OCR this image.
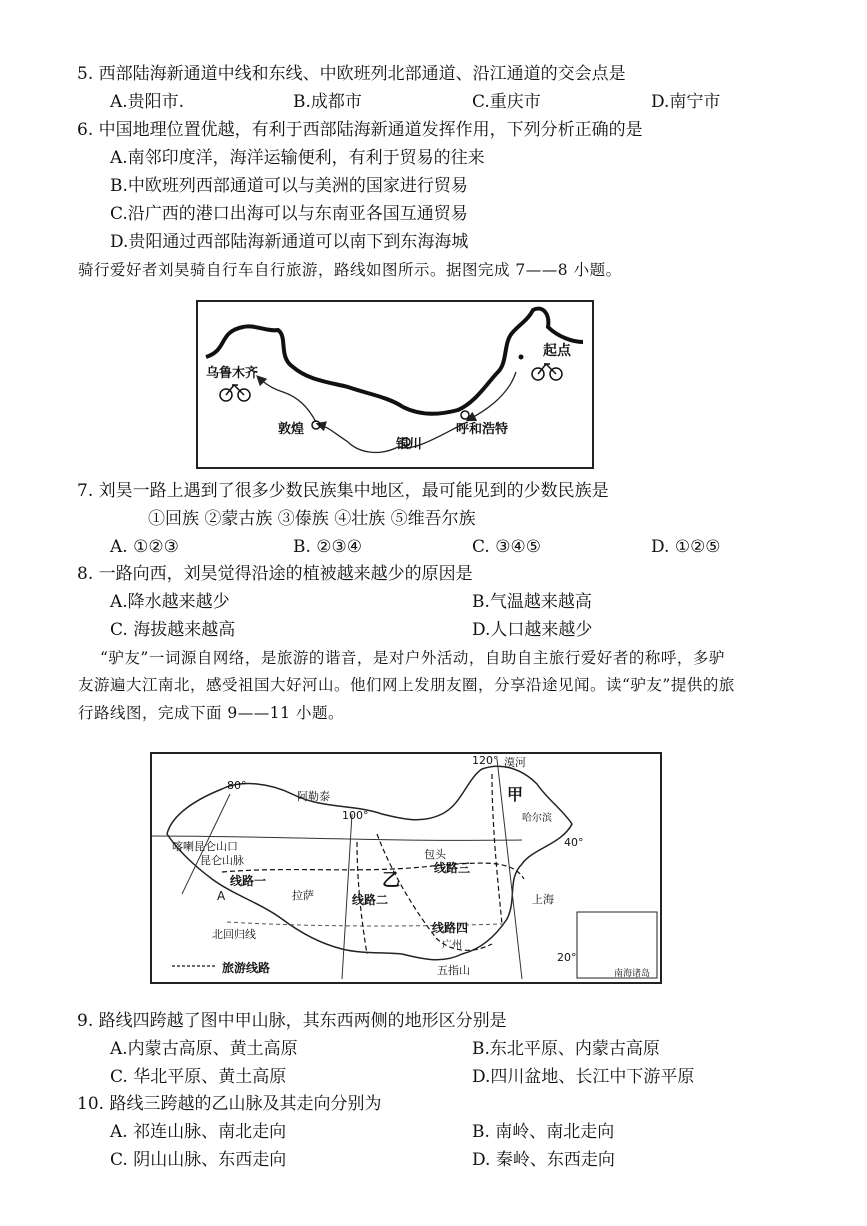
5. 西部陆海新通道中线和东线、中欧班列北部通道、沿江通道的交会点是
A.贵阳市.	B.成都市	C.重庆市	D.南宁市
6. 中国地理位置优越，有利于西部陆海新通道发挥作用，下列分析正确的是
A.南邻印度洋，海洋运输便利，有利于贸易的往来
B.中欧班列西部通道可以与美洲的国家进行贸易
C.沿广西的港口出海可以与东南亚各国互通贸易
D.贵阳通过西部陆海新通道可以南下到东海海城
骑行爱好者刘昊骑自行车自行旅游，路线如图所示。据图完成 7——8 小题。
起点
乌鲁木齐
敦煌
银川
呼和浩特
7. 刘昊一路上遇到了很多少数民族集中地区，最可能见到的少数民族是
①回族 ②蒙古族 ③傣族 ④壮族 ⑤维吾尔族
A. ①②③	B. ②③④	C. ③④⑤	D. ①②⑤
8. 一路向西，刘昊觉得沿途的植被越来越少的原因是
A.降水越来越少	B.气温越来越高
C. 海拔越来越高	D.人口越来越少
“驴友”一词源自网络，是旅游的谐音，是对户外活动，自助自主旅行爱好者的称呼，多驴
友游遍大江南北，感受祖国大好河山。他们网上发朋友圈，分享沿途见闻。读“驴友”提供的旅
行路线图，完成下面 9——11 小题。
120° 漠河
80°
阿勒泰
100°
甲
哈尔滨
喀喇昆仑山口
昆仑山脉	包头
40°
线路一	乙
线路三
A	拉萨	线路二	上海
北回归线	线路四
广州
五指山
20°
旅游线路	南海诸岛
9. 路线四跨越了图中甲山脉，其东西两侧的地形区分别是
A.内蒙古高原、黄土高原	B.东北平原、内蒙古高原
C. 华北平原、黄土高原	D.四川盆地、长江中下游平原
10. 路线三跨越的乙山脉及其走向分别为
A. 祁连山脉、南北走向	B. 南岭、南北走向
C. 阴山山脉、东西走向	D. 秦岭、东西走向
